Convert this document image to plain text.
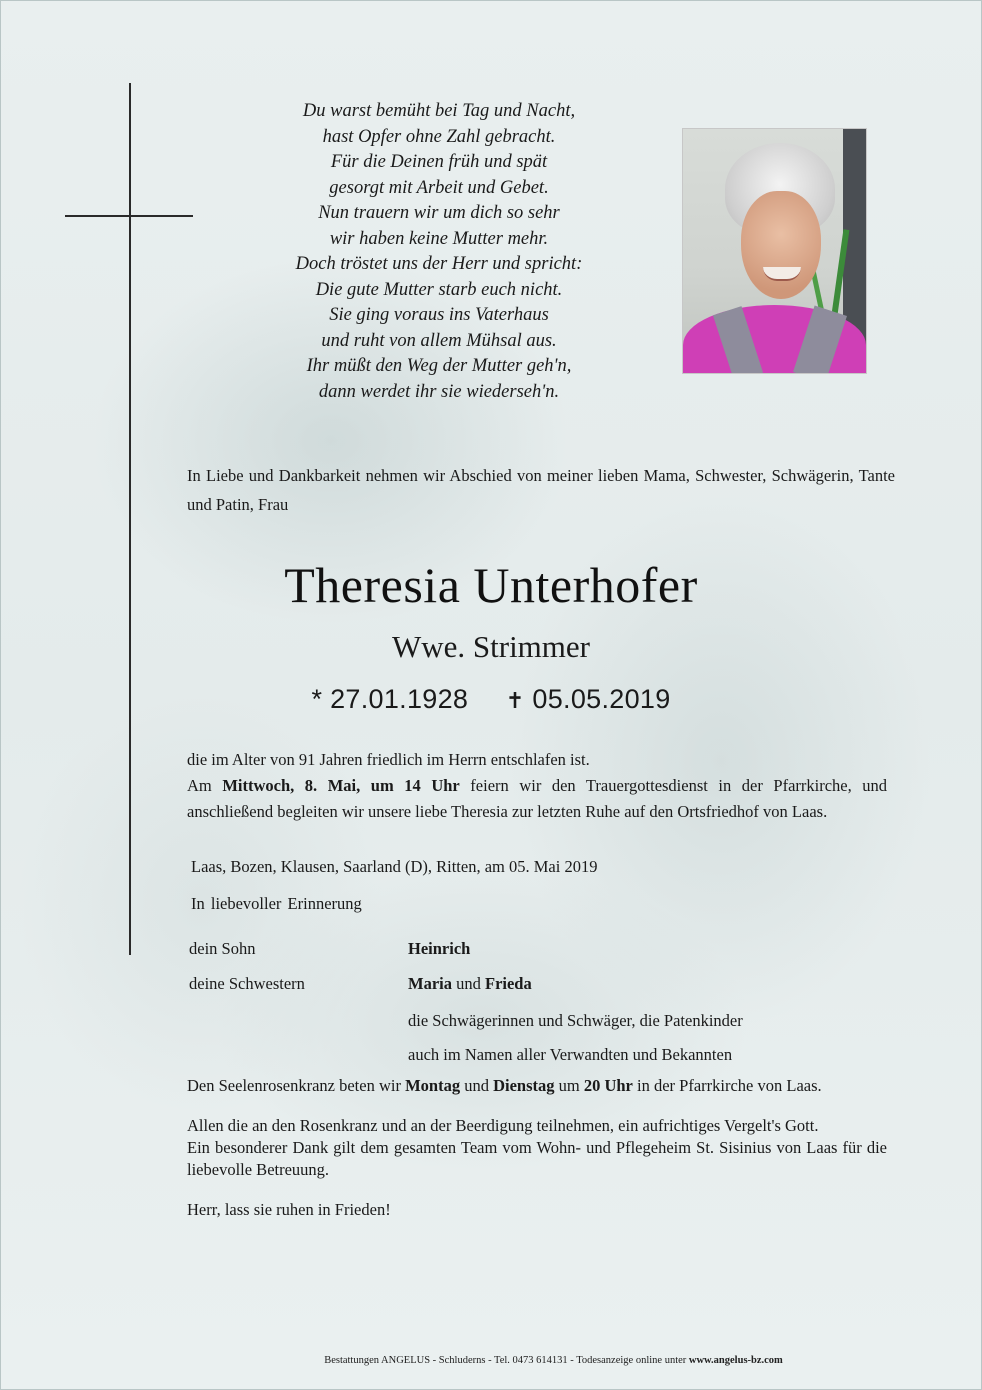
Du warst bemüht bei Tag und Nacht,
hast Opfer ohne Zahl gebracht.
Für die Deinen früh und spät
gesorgt mit Arbeit und Gebet.
Nun trauern wir um dich so sehr
wir haben keine Mutter mehr.
Doch tröstet uns der Herr und spricht:
Die gute Mutter starb euch nicht.
Sie ging voraus ins Vaterhaus
und ruht von allem Mühsal aus.
Ihr müßt den Weg der Mutter geh'n,
dann werdet ihr sie wiederseh'n.

In Liebe und Dankbarkeit nehmen wir Abschied von meiner lieben Mama, Schwester, Schwägerin, Tante und Patin, Frau

Theresia Unterhofer
Wwe. Strimmer
* 27.01.1928 ✝ 05.05.2019

die im Alter von 91 Jahren friedlich im Herrn entschlafen ist.

Am Mittwoch, 8. Mai, um 14 Uhr feiern wir den Trauergottesdienst in der Pfarrkirche, und anschließend begleiten wir unsere liebe Theresia zur letzten Ruhe auf den Ortsfriedhof von Laas.

Laas, Bozen, Klausen, Saarland (D), Ritten, am 05. Mai 2019
In liebevoller Erinnerung
dein Sohn	Heinrich
deine Schwestern	Maria und Frieda
die Schwägerinnen und Schwäger, die Patenkinder
auch im Namen aller Verwandten und Bekannten

Den Seelenrosenkranz beten wir Montag und Dienstag um 20 Uhr in der Pfarrkirche von Laas.

Allen die an den Rosenkranz und an der Beerdigung teilnehmen, ein aufrichtiges Vergelt's Gott.

Ein besonderer Dank gilt dem gesamten Team vom Wohn- und Pflegeheim St. Sisinius von Laas für die liebevolle Betreuung.

Herr, lass sie ruhen in Frieden!

Bestattungen ANGELUS - Schluderns - Tel. 0473 614131 - Todesanzeige online unter www.angelus-bz.com
